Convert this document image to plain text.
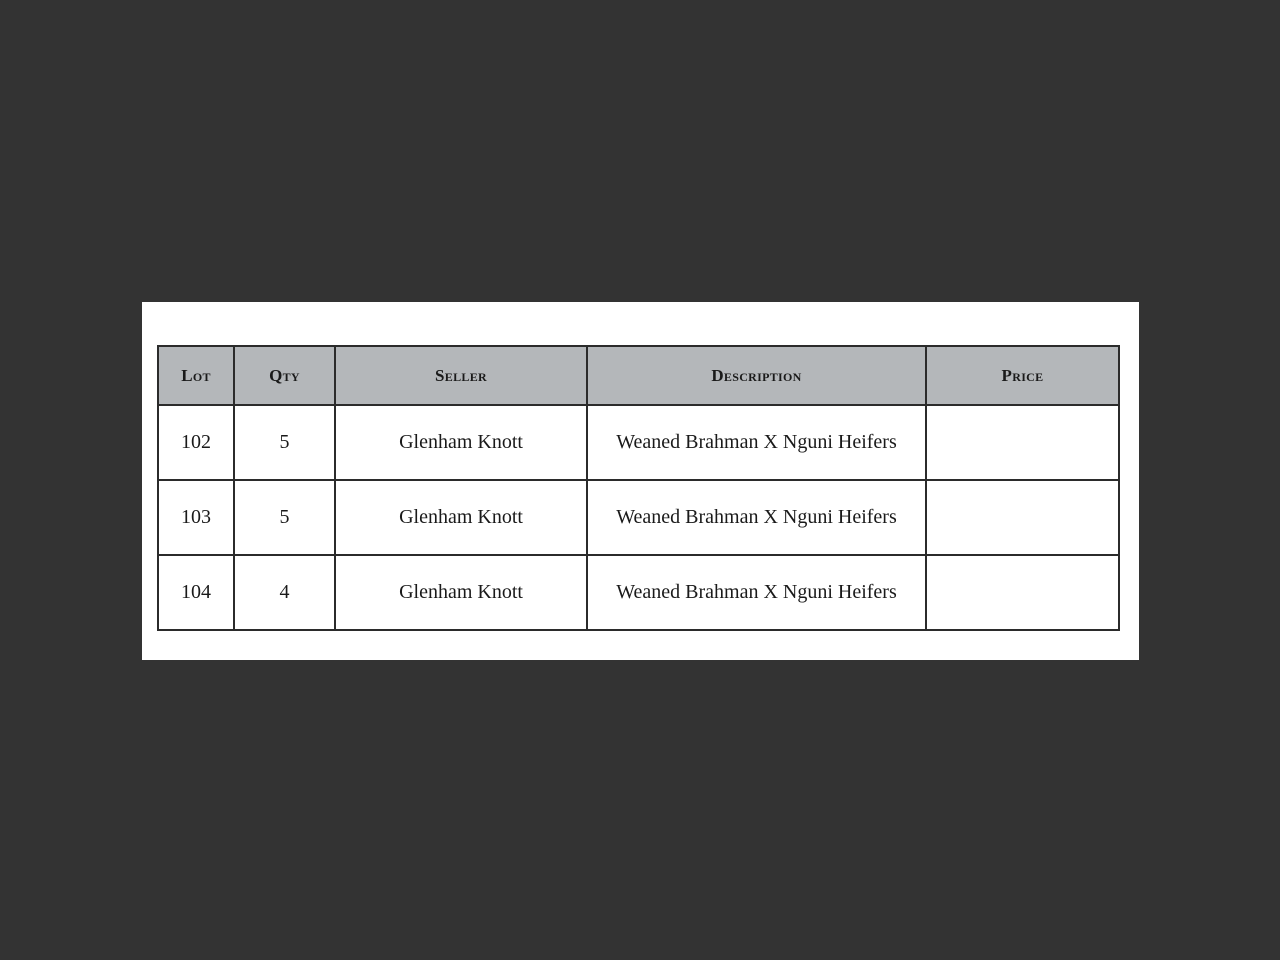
Lot	Qty	Seller	Description	Price
102	5	Glenham Knott	Weaned Brahman X Nguni Heifers	
103	5	Glenham Knott	Weaned Brahman X Nguni Heifers	
104	4	Glenham Knott	Weaned Brahman X Nguni Heifers	
